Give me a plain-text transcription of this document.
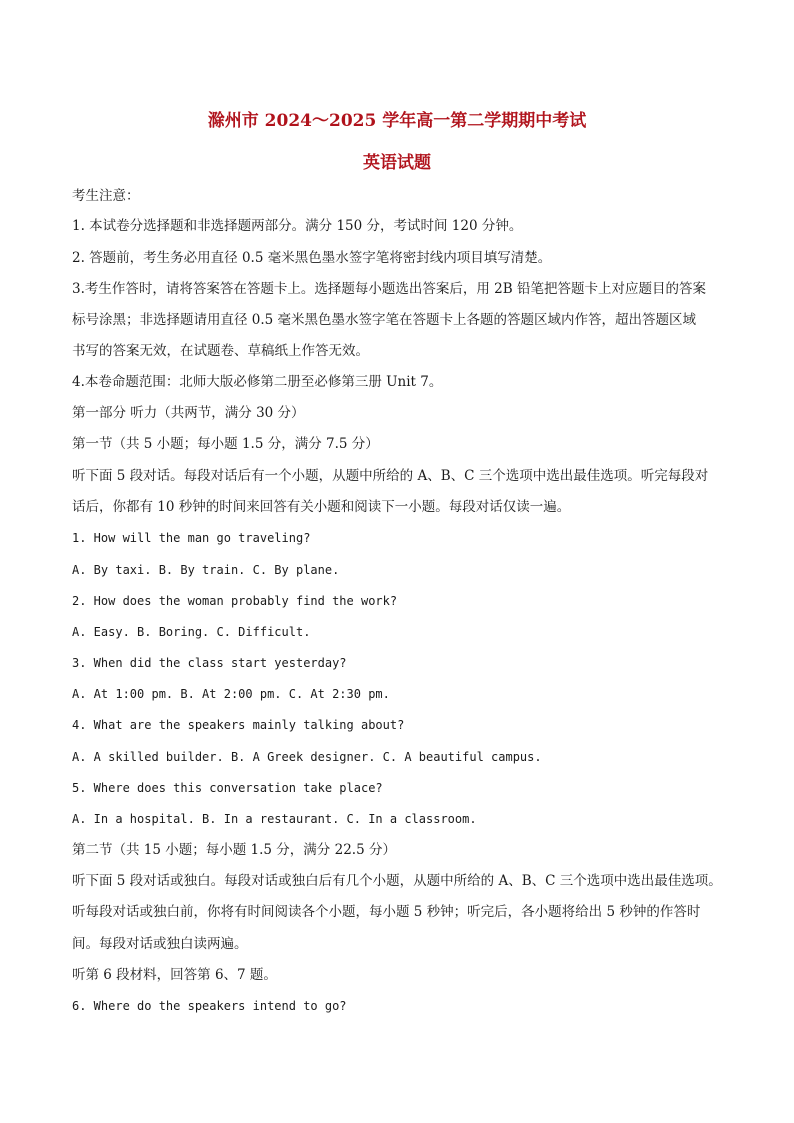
滁州市 2024～2025 学年高一第二学期期中考试
英语试题
考生注意：
1. 本试卷分选择题和非选择题两部分。满分 150 分，考试时间 120 分钟。
2. 答题前，考生务必用直径 0.5 毫米黑色墨水签字笔将密封线内项目填写清楚。
3.考生作答时，请将答案答在答题卡上。选择题每小题选出答案后，用 2B 铅笔把答题卡上对应题目的答案
标号涂黑；非选择题请用直径 0.5 毫米黑色墨水签字笔在答题卡上各题的答题区域内作答，超出答题区域
书写的答案无效，在试题卷、草稿纸上作答无效。
4.本卷命题范围：北师大版必修第二册至必修第三册 Unit 7。
第一部分 听力（共两节，满分 30 分）
第一节（共 5 小题；每小题 1.5 分，满分 7.5 分）
听下面 5 段对话。每段对话后有一个小题，从题中所给的 A、B、C 三个选项中选出最佳选项。听完每段对
话后，你都有 10 秒钟的时间来回答有关小题和阅读下一小题。每段对话仅读一遍。
1. How will the man go traveling?
A. By taxi. B. By train. C. By plane.
2. How does the woman probably find the work?
A. Easy. B. Boring. C. Difficult.
3. When did the class start yesterday?
A. At 1:00 pm. B. At 2:00 pm. C. At 2:30 pm.
4. What are the speakers mainly talking about?
A. A skilled builder. B. A Greek designer. C. A beautiful campus.
5. Where does this conversation take place?
A. In a hospital. B. In a restaurant. C. In a classroom.
第二节（共 15 小题；每小题 1.5 分，满分 22.5 分）
听下面 5 段对话或独白。每段对话或独白后有几个小题，从题中所给的 A、B、C 三个选项中选出最佳选项。
听每段对话或独白前，你将有时间阅读各个小题，每小题 5 秒钟；听完后，各小题将给出 5 秒钟的作答时
间。每段对话或独白读两遍。
听第 6 段材料，回答第 6、7 题。
6. Where do the speakers intend to go?
